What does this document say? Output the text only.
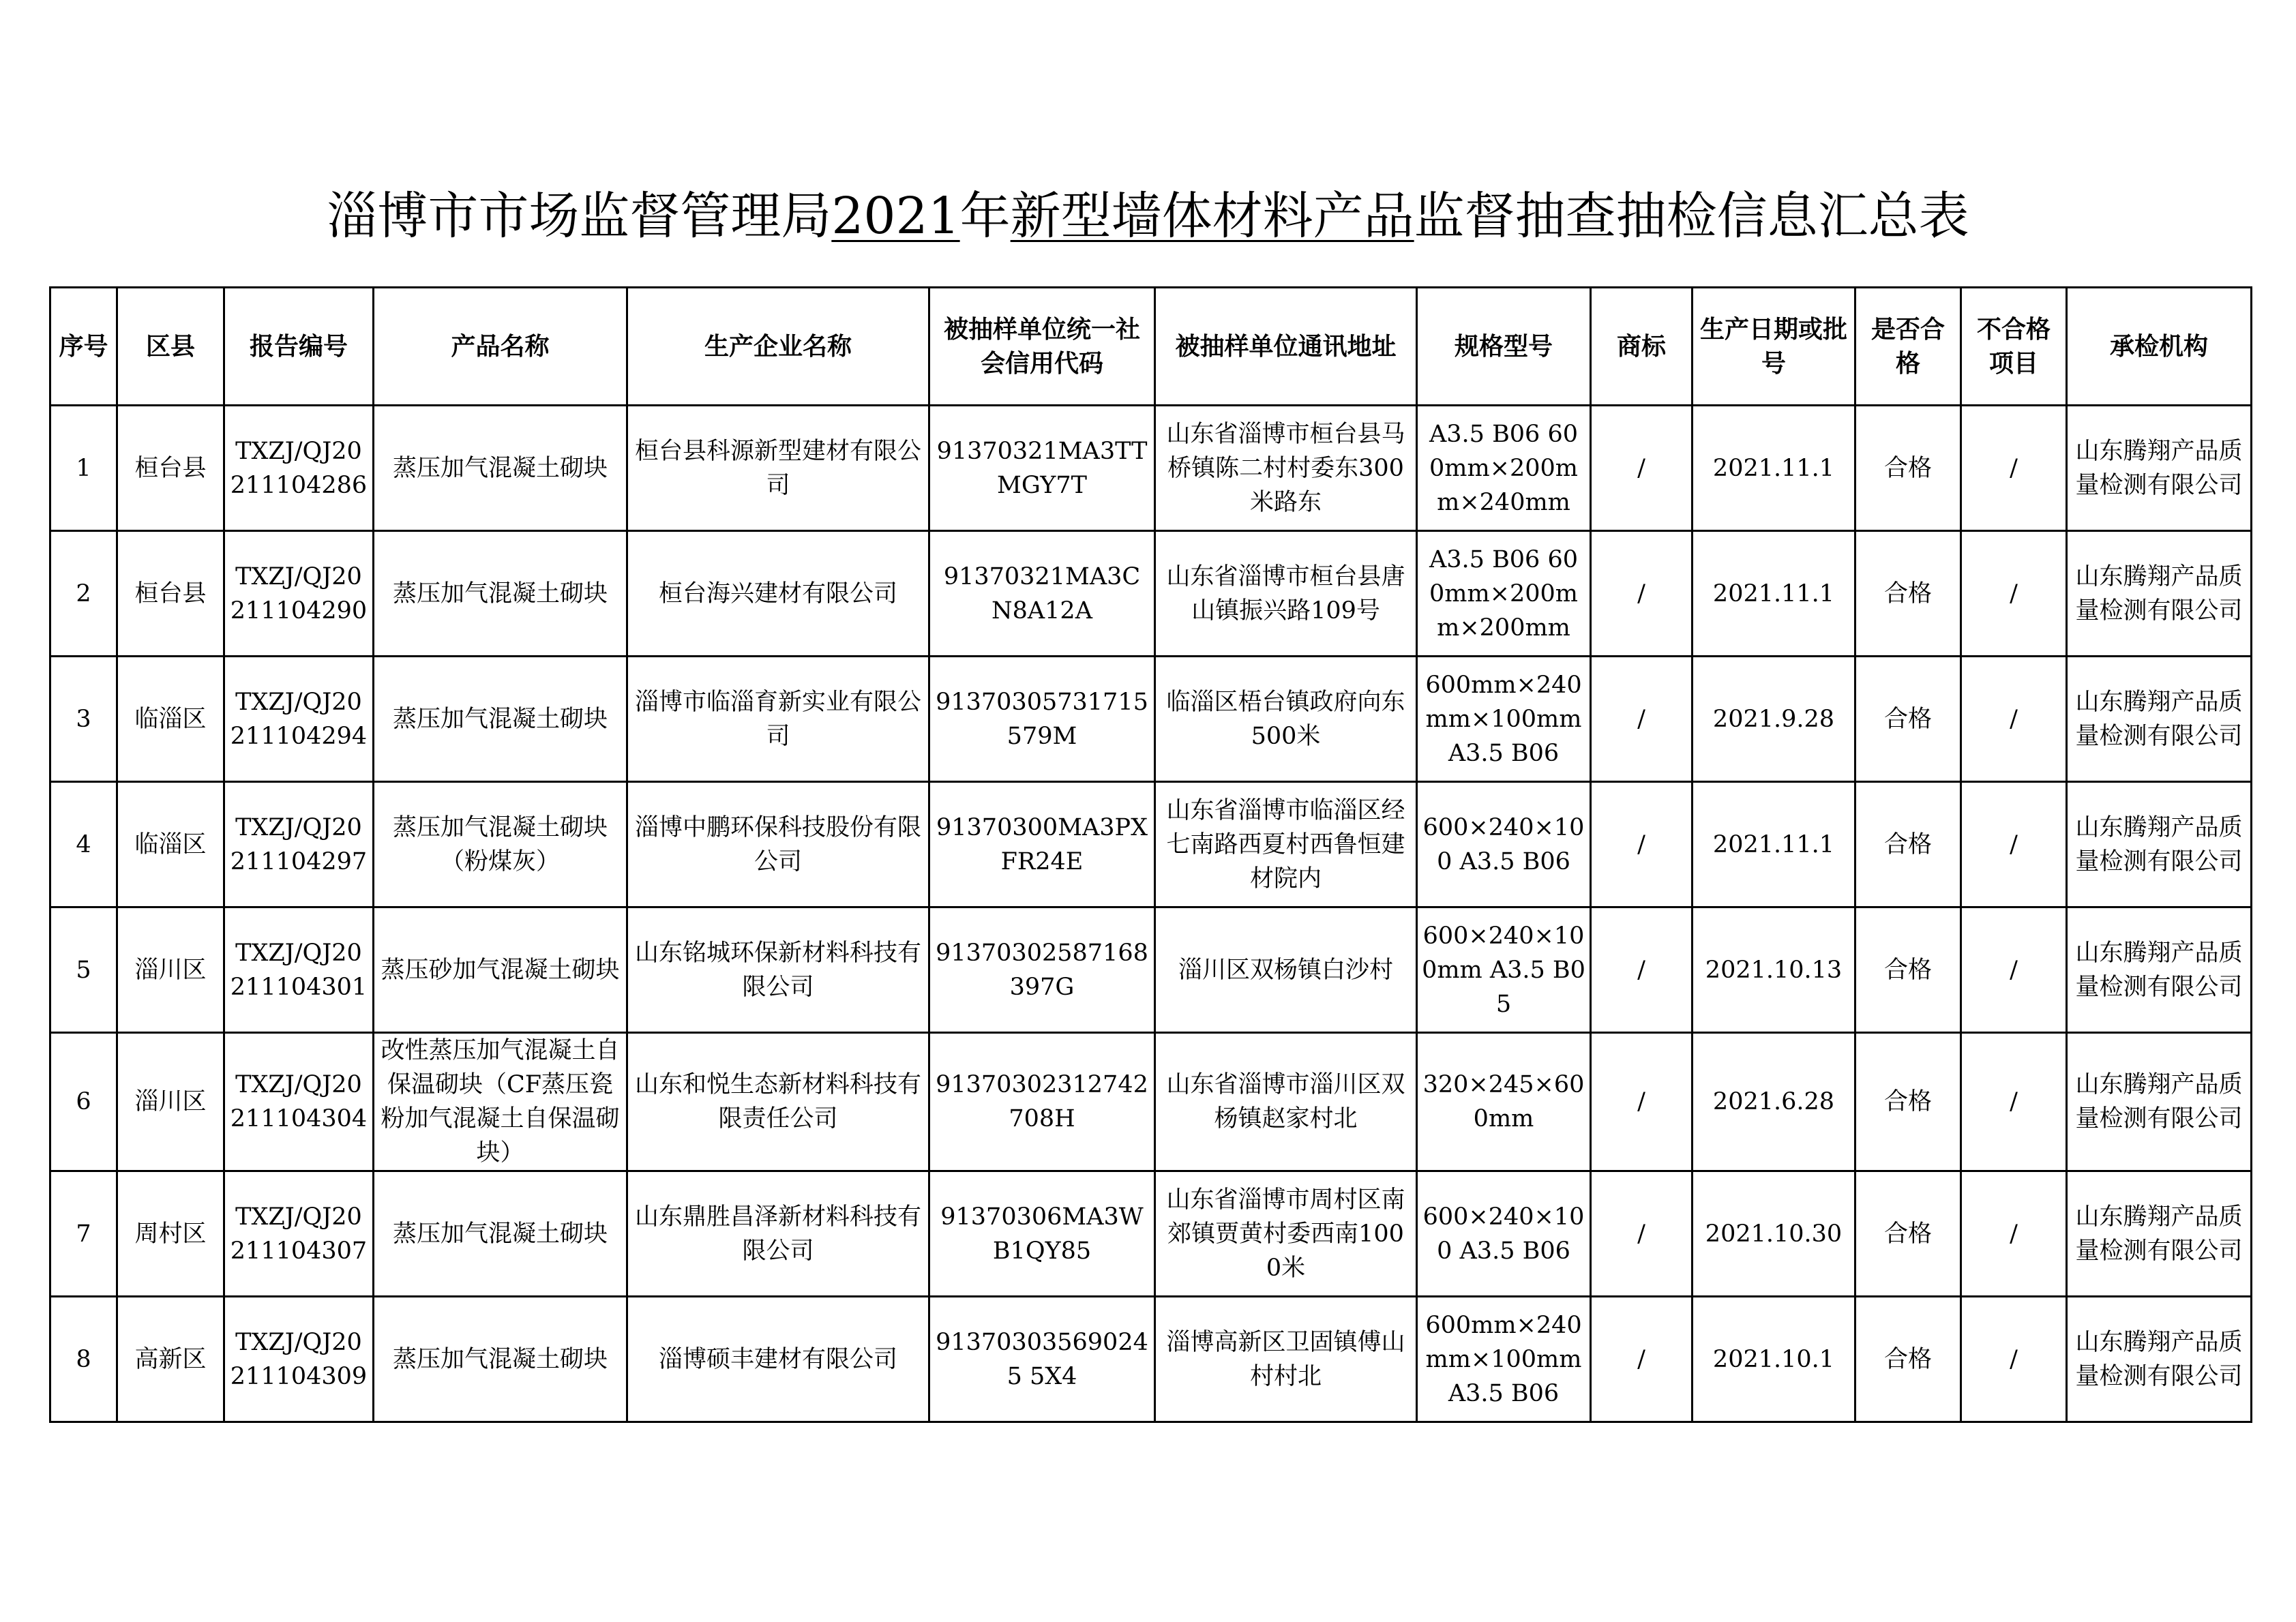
淄博市市场监督管理局2021年新型墙体材料产品监督抽查抽检信息汇总表
序号	区县	报告编号	产品名称	生产企业名称	被抽样单位统一社会信用代码	被抽样单位通讯地址	规格型号	商标	生产日期或批号	是否合格	不合格项目	承检机构
1	桓台县	TXZJ/QJ20211104286	蒸压加气混凝土砌块	桓台县科源新型建材有限公司	91370321MA3TTMGY7T	山东省淄博市桓台县马桥镇陈二村村委东300米路东	A3.5 B06 600mm×200mm×240mm	/	2021.11.1	合格	/	山东腾翔产品质量检测有限公司
2	桓台县	TXZJ/QJ20211104290	蒸压加气混凝土砌块	桓台海兴建材有限公司	91370321MA3CN8A12A	山东省淄博市桓台县唐山镇振兴路109号	A3.5 B06 600mm×200mm×200mm	/	2021.11.1	合格	/	山东腾翔产品质量检测有限公司
3	临淄区	TXZJ/QJ20211104294	蒸压加气混凝土砌块	淄博市临淄育新实业有限公司	91370305731715579M	临淄区梧台镇政府向东500米	600mm×240mm×100mm A3.5 B06	/	2021.9.28	合格	/	山东腾翔产品质量检测有限公司
4	临淄区	TXZJ/QJ20211104297	蒸压加气混凝土砌块（粉煤灰）	淄博中鹏环保科技股份有限公司	91370300MA3PXFR24E	山东省淄博市临淄区经七南路西夏村西鲁恒建材院内	600×240×100 A3.5 B06	/	2021.11.1	合格	/	山东腾翔产品质量检测有限公司
5	淄川区	TXZJ/QJ20211104301	蒸压砂加气混凝土砌块	山东铭城环保新材料科技有限公司	91370302587168397G	淄川区双杨镇白沙村	600×240×100mm A3.5 B05	/	2021.10.13	合格	/	山东腾翔产品质量检测有限公司
6	淄川区	TXZJ/QJ20211104304	改性蒸压加气混凝土自保温砌块（CF蒸压瓷粉加气混凝土自保温砌块）	山东和悦生态新材料科技有限责任公司	91370302312742708H	山东省淄博市淄川区双杨镇赵家村北	320×245×600mm	/	2021.6.28	合格	/	山东腾翔产品质量检测有限公司
7	周村区	TXZJ/QJ20211104307	蒸压加气混凝土砌块	山东鼎胜昌泽新材料科技有限公司	91370306MA3WB1QY85	山东省淄博市周村区南郊镇贾黄村委西南1000米	600×240×100 A3.5 B06	/	2021.10.30	合格	/	山东腾翔产品质量检测有限公司
8	高新区	TXZJ/QJ20211104309	蒸压加气混凝土砌块	淄博硕丰建材有限公司	913703035690245 5X4	淄博高新区卫固镇傅山村村北	600mm×240mm×100mm A3.5 B06	/	2021.10.1	合格	/	山东腾翔产品质量检测有限公司
